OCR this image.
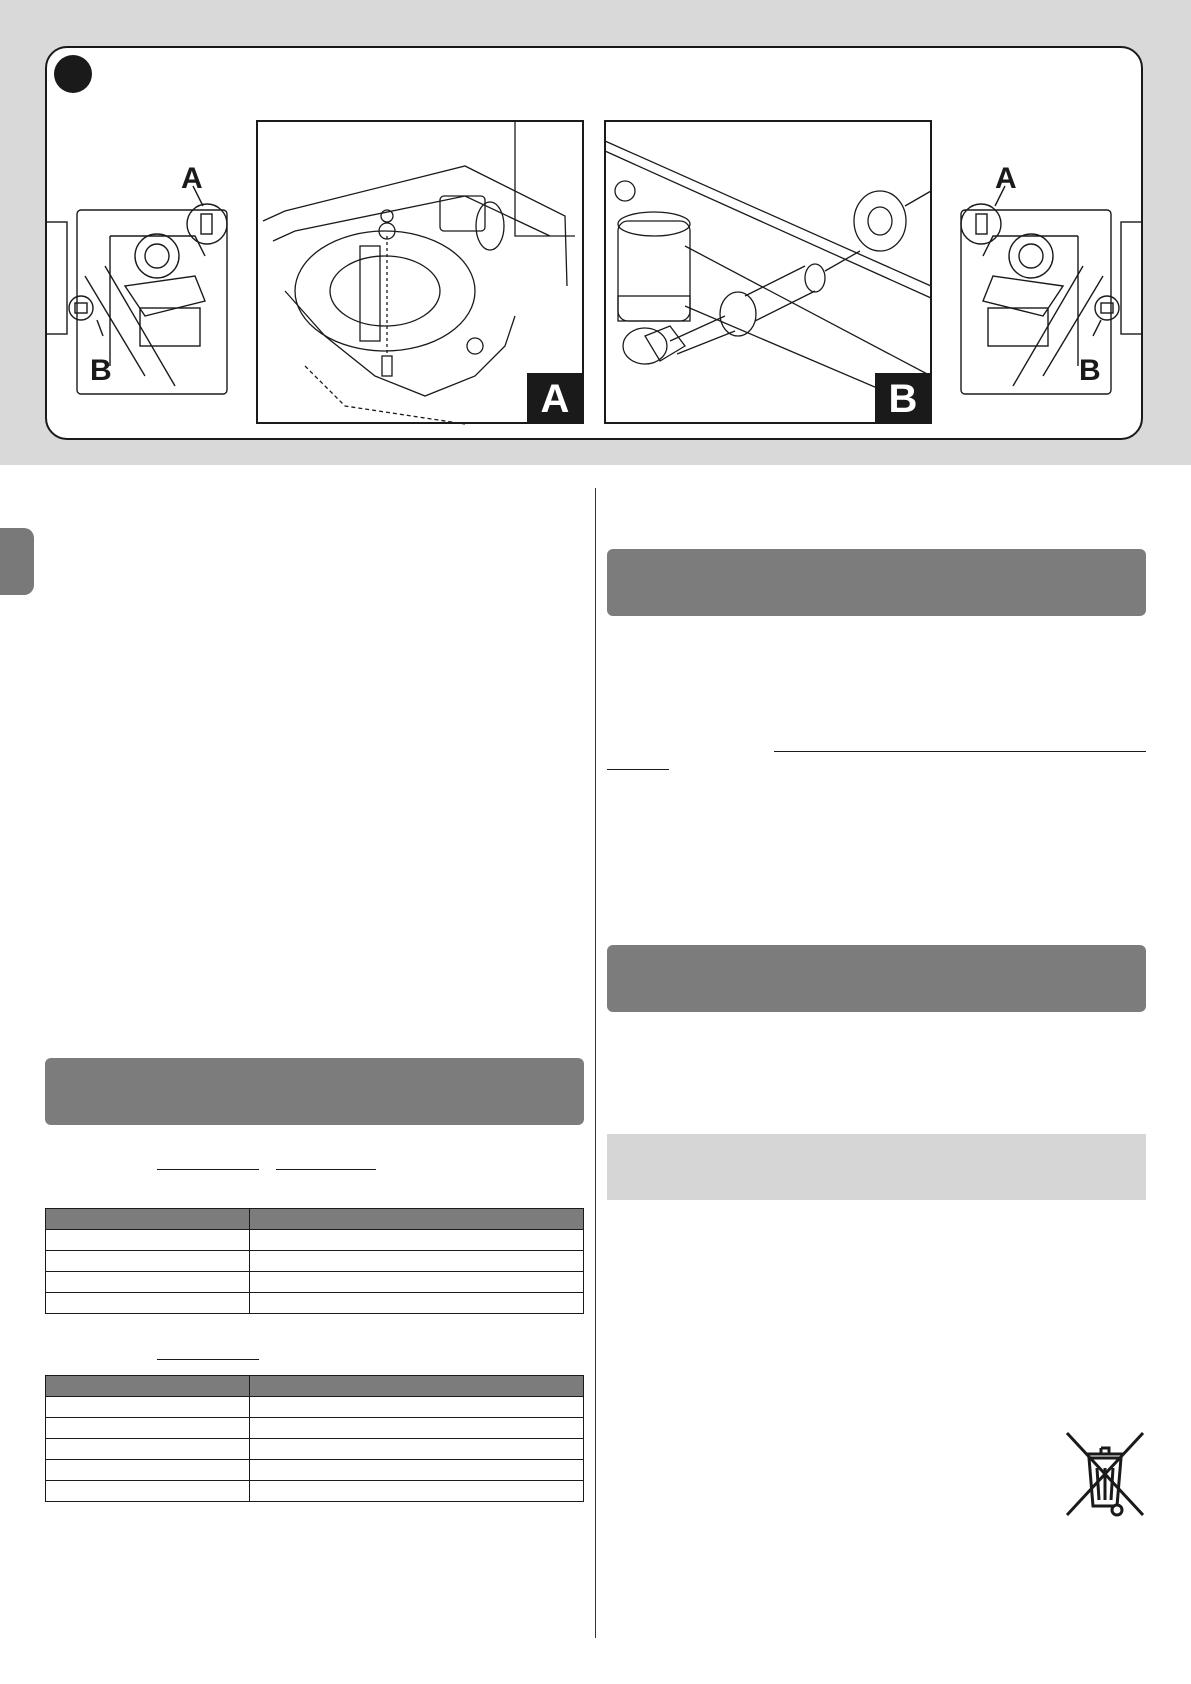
A
B
A	B
A
B
